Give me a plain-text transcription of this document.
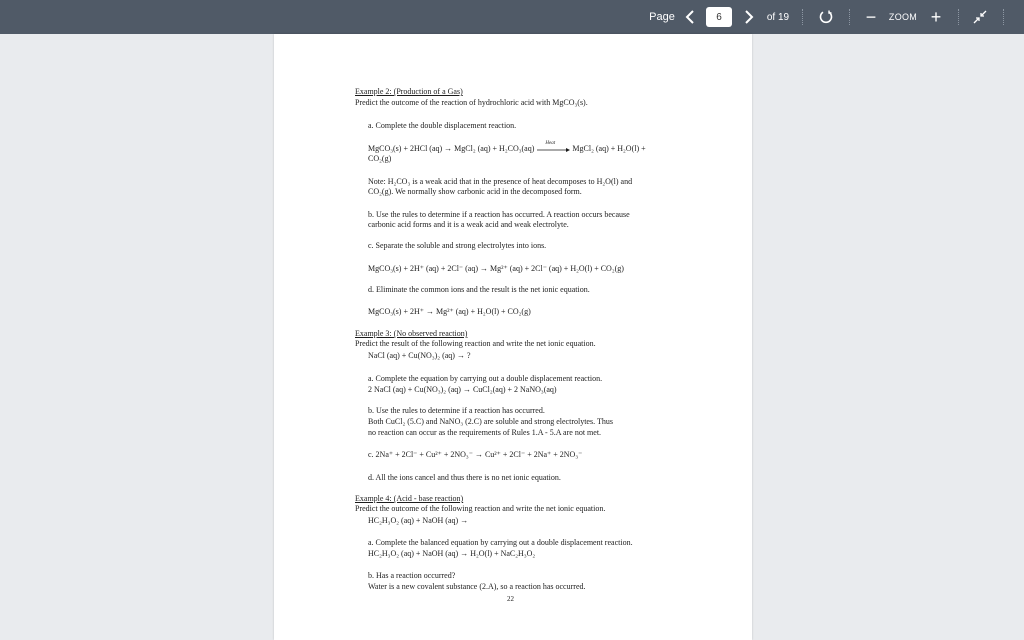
Page
6	of 19	−	ZOOM +
Example 2: (Production of a Gas)
Predict the outcome of the reaction of hydrochloric acid with MgCO₃(s).
a. Complete the double displacement reaction.
MgCO₃(s) + 2HCl (aq) → MgCl₂ (aq) + H₂CO₃(aq)
Heat
MgCl₂ (aq) + H₂O(l) +
CO₂(g)
Note: H₂CO₃ is a weak acid that in the presence of heat decomposes to H₂O(l) and
CO₂(g). We normally show carbonic acid in the decomposed form.
b. Use the rules to determine if a reaction has occurred. A reaction occurs because
carbonic acid forms and it is a weak acid and weak electrolyte.
c. Separate the soluble and strong electrolytes into ions.
MgCO₃(s) + 2H⁺ (aq) + 2Cl⁻ (aq) → Mg²⁺ (aq) + 2Cl⁻ (aq) + H₂O(l) + CO₂(g)
d. Eliminate the common ions and the result is the net ionic equation.
MgCO₃(s) + 2H⁺ → Mg²⁺ (aq) + H₂O(l) + CO₂(g)
Example 3: (No observed reaction)
Predict the result of the following reaction and write the net ionic equation.
NaCl (aq) + Cu(NO₃)₂ (aq) → ?
a. Complete the equation by carrying out a double displacement reaction.
2 NaCl (aq) + Cu(NO₃)₂ (aq) → CuCl₂(aq) + 2 NaNO₃(aq)
b. Use the rules to determine if a reaction has occurred.
Both CuCl₂ (5.C) and NaNO₃ (2.C) are soluble and strong electrolytes. Thus
no reaction can occur as the requirements of Rules 1.A - 5.A are not met.
c. 2Na⁺ + 2Cl⁻ + Cu²⁺ + 2NO₃⁻ → Cu²⁺ + 2Cl⁻ + 2Na⁺ + 2NO₃⁻
d. All the ions cancel and thus there is no net ionic equation.
Example 4: (Acid - base reaction)
Predict the outcome of the following reaction and write the net ionic equation.
HC₂H₃O₂ (aq) + NaOH (aq) →
a. Complete the balanced equation by carrying out a double displacement reaction.
HC₂H₃O₂ (aq) + NaOH (aq) → H₂O(l) + NaC₂H₃O₂
b. Has a reaction occurred?
Water is a new covalent substance (2.A), so a reaction has occurred.
22
